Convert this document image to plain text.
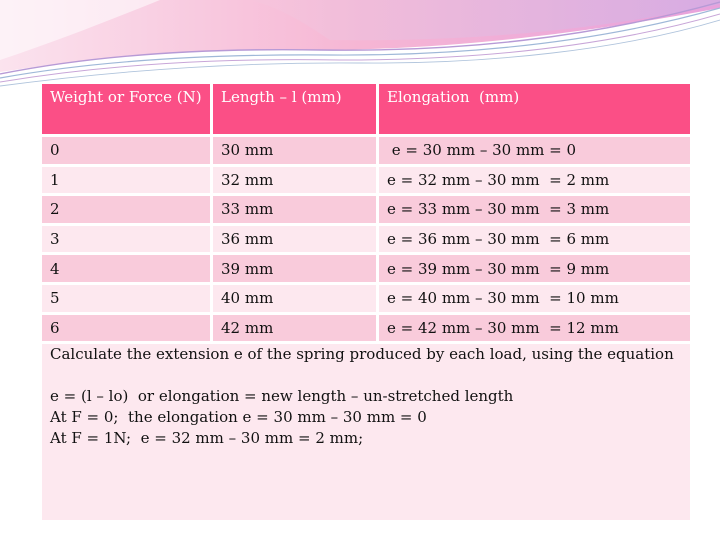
Weight or Force (N)	Length – l (mm)	Elongation  (mm)
0	30 mm	e = 30 mm – 30 mm = 0
1	32 mm	e = 32 mm – 30 mm  = 2 mm
2	33 mm	e = 33 mm – 30 mm  = 3 mm
3	36 mm	e = 36 mm – 30 mm  = 6 mm
4	39 mm	e = 39 mm – 30 mm  = 9 mm
5	40 mm	e = 40 mm – 30 mm  = 10 mm
6	42 mm	e = 42 mm – 30 mm  = 12 mm

Calculate the extension e of the spring produced by each load, using the equation

e = (l – lo)  or elongation = new length – un-stretched length

At F = 0;  the elongation e = 30 mm – 30 mm = 0

At F = 1N;  e = 32 mm – 30 mm = 2 mm;
